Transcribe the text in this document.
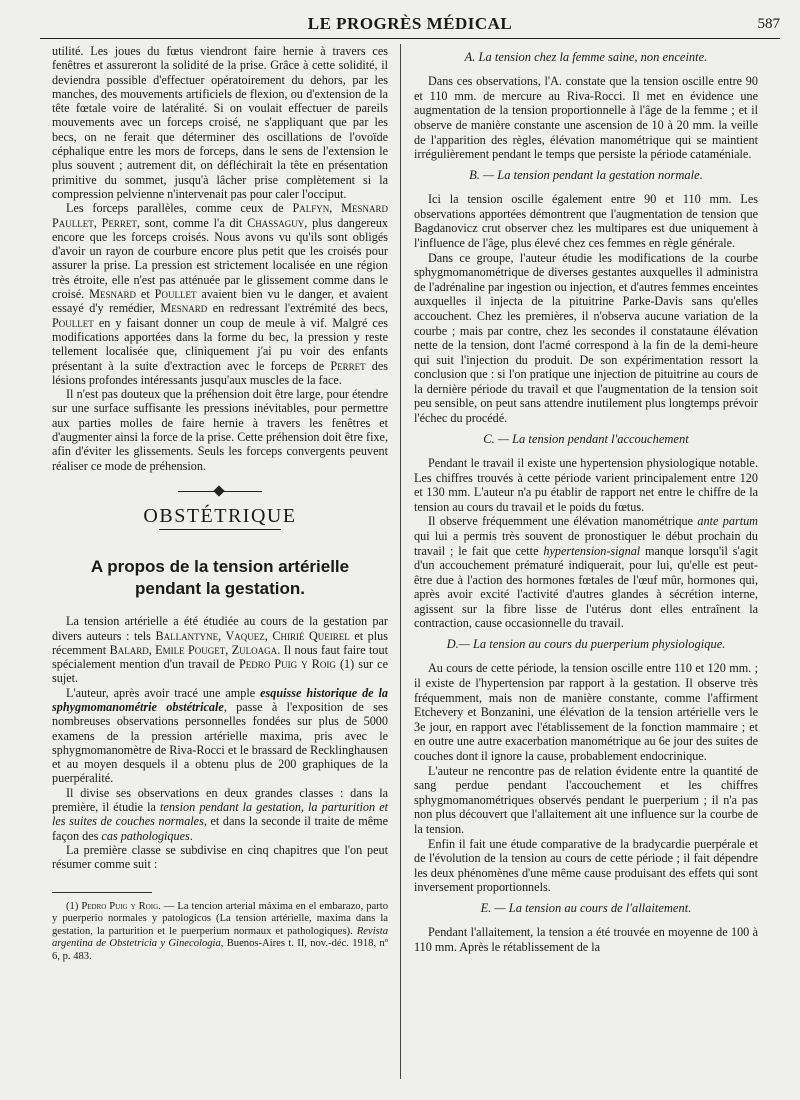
LE PROGRÈS MÉDICAL	587

utilité. Les joues du fœtus viendront faire hernie à travers ces fenêtres et assureront la solidité de la prise. Grâce à cette solidité, il deviendra possible d'effectuer opératoirement du dehors, par les manches, des mouvements artificiels de flexion, ou d'extension de la tête fœtale voire de latéralité. Si on voulait effectuer de pareils mouvements avec un forceps croisé, ne s'appliquant que par les becs, on ne ferait que déterminer des oscillations de l'ovoïde céphalique entre les mors de forceps, dans le sens de l'extension le plus souvent ; autrement dit, on défléchirait la tête en présentation primitive du sommet, jusqu'à lâcher prise complètement si la compression pelvienne n'intervenait pas pour caler l'occiput.

Les forceps parallèles, comme ceux de Palfyn, Mesnard Paullet, Perret, sont, comme l'a dit Chassaguy, plus dangereux encore que les forceps croisés. Nous avons vu qu'ils sont obligés d'avoir un rayon de courbure encore plus petit que les croisés pour assurer la prise. La pression est strictement localisée en une région très étroite, elle n'est pas atténuée par le glissement comme dans le croisé. Mesnard et Poullet avaient bien vu le danger, et avaient essayé d'y remédier, Mesnard en redressant l'extrémité des becs, Poullet en y faisant donner un coup de meule à vif. Malgré ces modifications apportées dans la forme du bec, la pression y reste tellement localisée que, cliniquement j'ai pu voir des enfants présentant à la suite d'extraction avec le forceps de Perret des lésions profondes intéressants jusqu'aux muscles de la face.

Il n'est pas douteux que la préhension doit être large, pour étendre sur une surface suffisante les pressions inévitables, pour permettre aux parties molles de faire hernie à travers les fenêtres et d'augmenter ainsi la force de la prise. Cette préhension doit être fixe, afin d'éviter les glissements. Seuls les forceps convergents peuvent réaliser ce mode de préhension.

OBSTÉTRIQUE
A propos de la tension artérielle
pendant la gestation.

La tension artérielle a été étudiée au cours de la gestation par divers auteurs : tels Ballantyne, Vaquez, Chirié Queirel et plus récemment Balard, Emile Pouget, Zuloaga. Il nous faut faire tout spécialement mention d'un travail de Pedro Puig y Roig (1) sur ce sujet.

L'auteur, après avoir tracé une ample esquisse historique de la sphygmomanométrie obstétricale, passe à l'exposition de ses nombreuses observations personnelles fondées sur plus de 5000 examens de la pression artérielle maxima, pris avec le sphygmomanomètre de Riva-Rocci et le brassard de Recklinghausen et au moyen desquels il a obtenu plus de 200 graphiques de la puerpéralité.

Il divise ses observations en deux grandes classes : dans la première, il étudie la tension pendant la gestation, la parturition et les suites de couches normales, et dans la seconde il traite de même façon des cas pathologiques.

La première classe se subdivise en cinq chapitres que l'on peut résumer comme suit :

(1) Pedro Puig y Roig. — La tencion arterial máxima en el embarazo, parto y puerperio normales y patologicos (La tension artérielle, maxima dans la gestation, la parturition et le puerperium normaux et pathologiques). Revista argentina de Obstetricia y Ginecologia, Buenos-Aires t. II, nov.-déc. 1918, nº 6, p. 483.

A. La tension chez la femme saine, non enceinte.

Dans ces observations, l'A. constate que la tension oscille entre 90 et 110 mm. de mercure au Riva-Rocci. Il met en évidence une augmentation de la tension proportionnelle à l'âge de la femme ; et il observe de manière constante une ascension de 10 à 20 mm. la veille de l'apparition des règles, élévation manométrique qui se maintient irrégulièrement pendant le temps que persiste la période cataméniale.

B. — La tension pendant la gestation normale.

Ici la tension oscille également entre 90 et 110 mm. Les observations apportées démontrent que l'augmentation de tension que Bagdanovicz crut observer chez les multipares est due uniquement à l'influence de l'âge, plus élevé chez ces femmes en règle générale.

Dans ce groupe, l'auteur étudie les modifications de la courbe sphygmomanométrique de diverses gestantes auxquelles il administra de l'adrénaline par ingestion ou injection, et d'autres femmes enceintes auxquelles il injecta de la pituitrine Parke-Davis sans qu'elles accouchent. Chez les premières, il n'observa aucune variation de la courbe ; mais par contre, chez les secondes il constataune élévation nette de la tension, dont l'acmé correspond à la fin de la demi-heure qui suit l'injection du produit. De son expérimentation ressort la conclusion que : si l'on pratique une injection de pituitrine au cours de la dernière période du travail et que l'augmentation de la tension soit peu sensible, on peut sans attendre inutilement plus longtemps prévoir l'échec du procédé.

C. — La tension pendant l'accouchement

Pendant le travail il existe une hypertension physiologique notable. Les chiffres trouvés à cette période varient principalement entre 120 et 130 mm. L'auteur n'a pu établir de rapport net entre le chiffre de la tension au cours du travail et le poids du fœtus.

Il observe fréquemment une élévation manométrique ante partum qui lui a permis très souvent de pronostiquer le début prochain du travail ; le fait que cette hypertension-signal manque lorsqu'il s'agit d'un accouchement prématuré indiquerait, pour lui, qu'elle est peut-être due à l'action des hormones fœtales de l'œuf mûr, hormones qui, après avoir excité l'activité d'autres glandes à sécrétion interne, agissent sur la fibre lisse de l'utérus dont elles entraînent la contraction, cause occasionnelle du travail.

D.— La tension au cours du puerperium physiologique.

Au cours de cette période, la tension oscille entre 110 et 120 mm. ; il existe de l'hypertension par rapport à la gestation. Il observe très fréquemment, mais non de manière constante, comme l'affirment Etchevery et Bonzanini, une élévation de la tension artérielle vers le 3e jour, en rapport avec l'établissement de la fonction mammaire ; et en outre une autre exacerbation manométrique au 6e jour des suites de couches dont il ignore la cause, probablement endocrinique.

L'auteur ne rencontre pas de relation évidente entre la quantité de sang perdue pendant l'accouchement et les chiffres sphygmomanométriques observés pendant le puerperium ; il n'a pas non plus découvert que l'allaitement ait une influence sur la courbe de la tension.

Enfin il fait une étude comparative de la bradycardie puerpérale et de l'évolution de la tension au cours de cette période ; il fait dépendre les deux phénomènes d'une même cause produisant des effets qui sont inversement proportionnels.

E. — La tension au cours de l'allaitement.

Pendant l'allaitement, la tension a été trouvée en moyenne de 100 à 110 mm. Après le rétablissement de la
